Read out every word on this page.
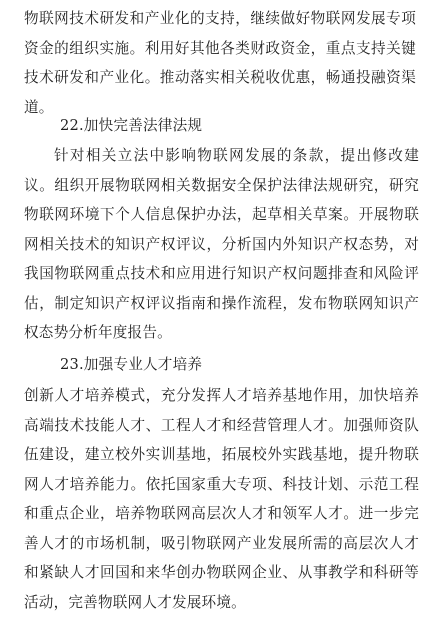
物联网技术研发和产业化的支持，继续做好物联网发展专项资金的组织实施。利用好其他各类财政资金，重点支持关键技术研发和产业化。推动落实相关税收优惠，畅通投融资渠道。

22.加快完善法律法规

针对相关立法中影响物联网发展的条款，提出修改建议。组织开展物联网相关数据安全保护法律法规研究，研究物联网环境下个人信息保护办法，起草相关草案。开展物联网相关技术的知识产权评议，分析国内外知识产权态势，对我国物联网重点技术和应用进行知识产权问题排查和风险评估，制定知识产权评议指南和操作流程，发布物联网知识产权态势分析年度报告。

23.加强专业人才培养

创新人才培养模式，充分发挥人才培养基地作用，加快培养高端技术技能人才、工程人才和经营管理人才。加强师资队伍建设，建立校外实训基地，拓展校外实践基地，提升物联网人才培养能力。依托国家重大专项、科技计划、示范工程和重点企业，培养物联网高层次人才和领军人才。进一步完善人才的市场机制，吸引物联网产业发展所需的高层次人才和紧缺人才回国和来华创办物联网企业、从事教学和科研等活动，完善物联网人才发展环境。
